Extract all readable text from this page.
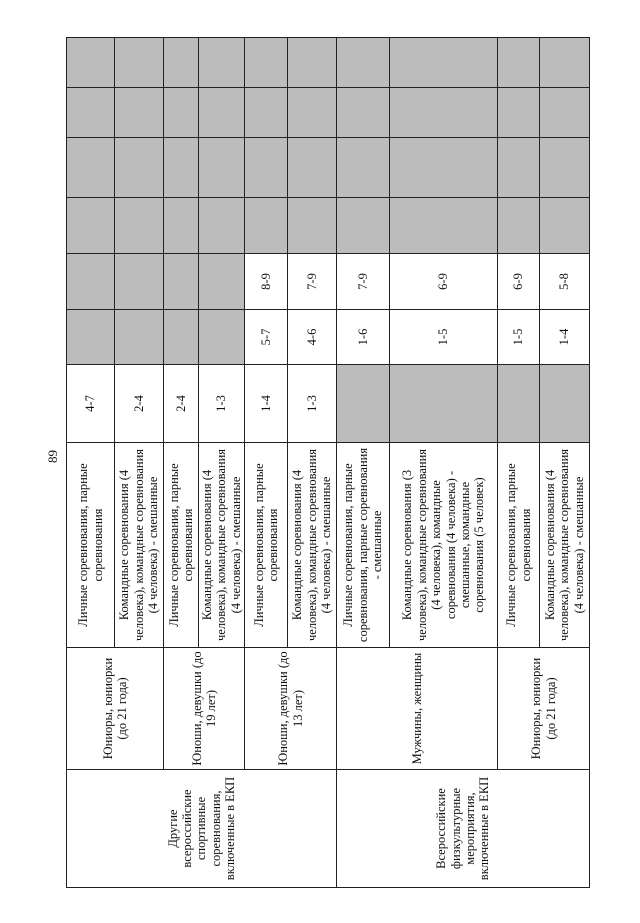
89
Другие всероссийские спортивные соревнования, включенные в ЕКП	Юниоры, юниорки (до 21 года)	Личные соревнования, парные соревнования	4-7						
		Командные соревнования (4 человека), командные соревнования (4 человека) - смешанные	2-4						
	Юноши, девушки (до 19 лет)	Личные соревнования, парные соревнования	2-4						
		Командные соревнования (4 человека), командные соревнования (4 человека) - смешанные	1-3						
	Юноши, девушки (до 13 лет)	Личные соревнования, парные соревнования	1-4	5-7	8-9				
		Командные соревнования (4 человека), командные соревнования (4 человека) - смешанные	1-3	4-6	7-9				
Всероссийские физкультурные мероприятия, включенные в ЕКП	Мужчины, женщины	Личные соревнования, парные соревнования, парные соревнования - смешанные		1-6	7-9				
		Командные соревнования (3 человека), командные соревнования (4 человека), командные соревнования (4 человека) - смешанные, командные соревнования (5 человек)		1-5	6-9				
	Юниоры, юниорки (до 21 года)	Личные соревнования, парные соревнования		1-5	6-9				
		Командные соревнования (4 человека), командные соревнования (4 человека) - смешанные		1-4	5-8				
